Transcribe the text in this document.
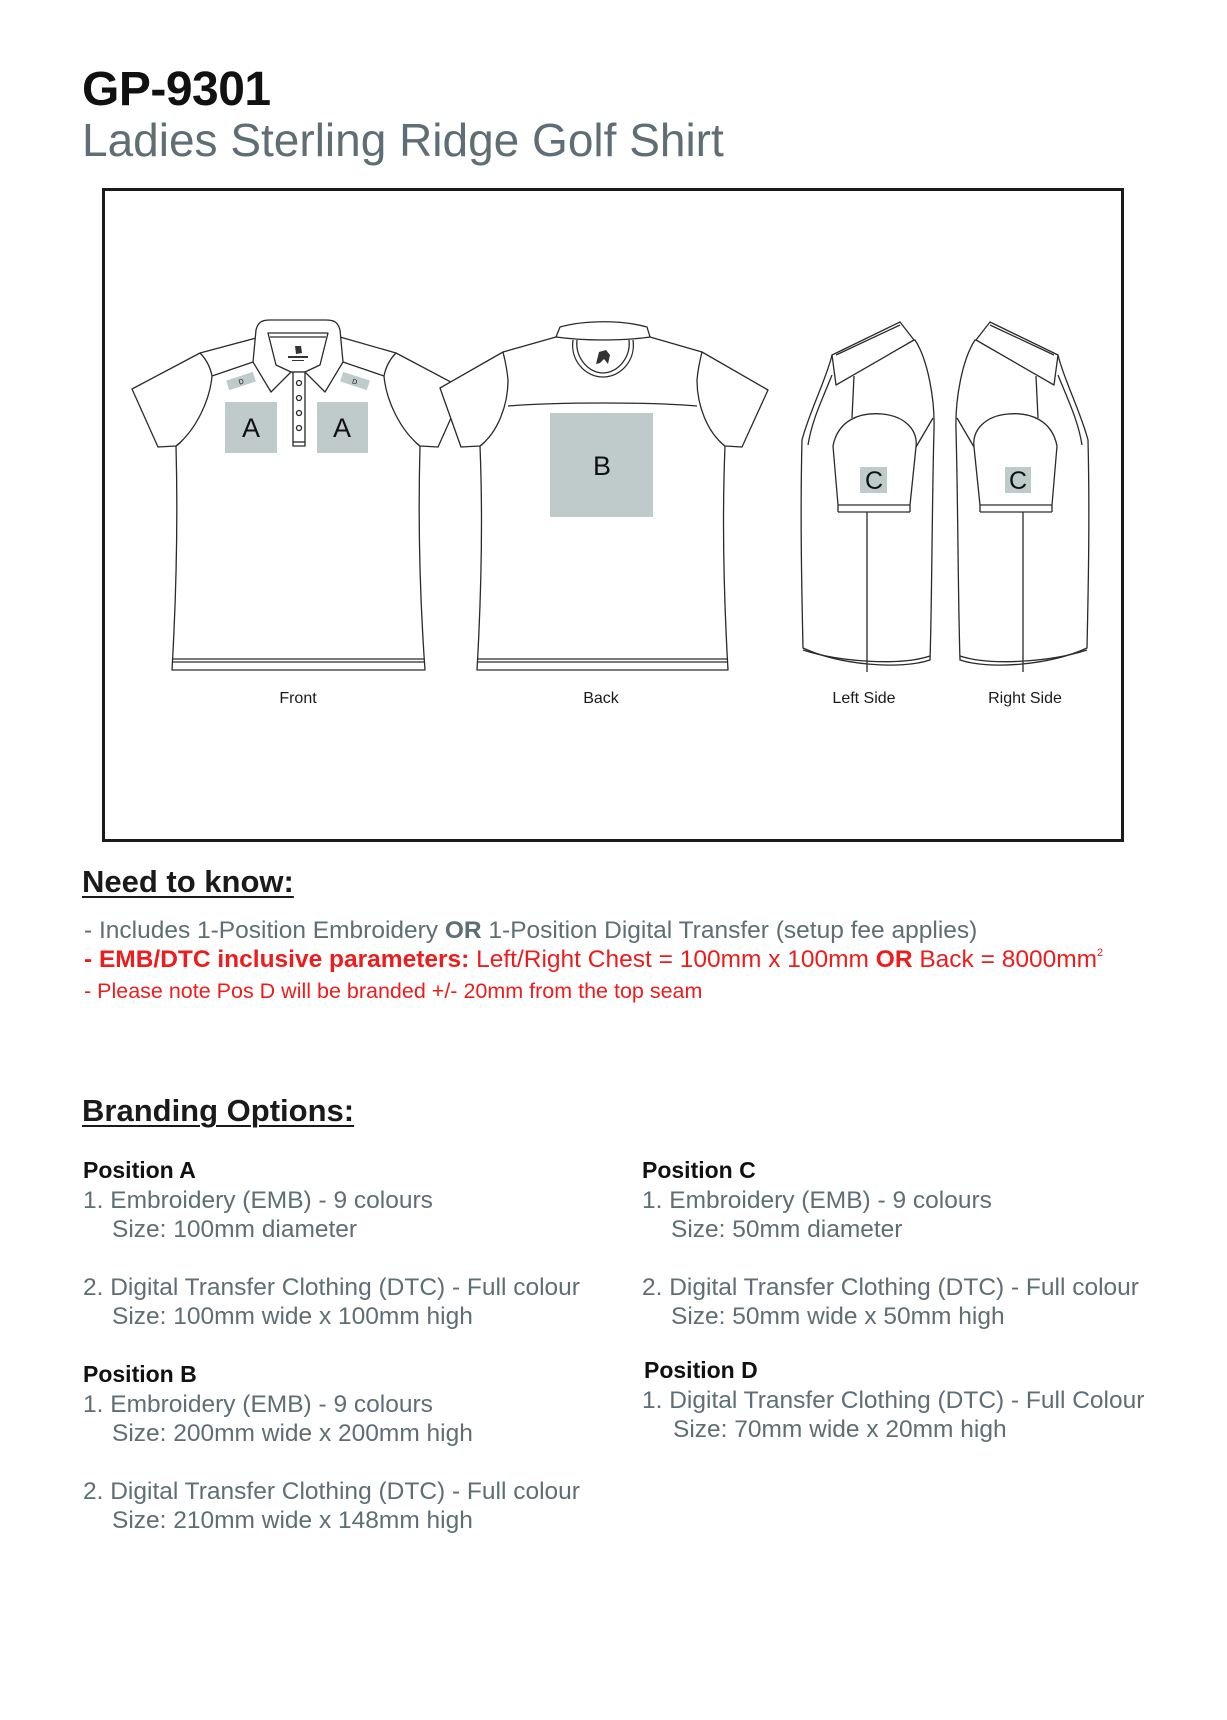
GP-9301
Ladies Sterling Ridge Golf Shirt
A	A
B	C	C
D	D
Front	Back	Left Side	Right Side
Need to know:
- Includes 1-Position Embroidery OR 1-Position Digital Transfer (setup fee applies)
- EMB/DTC inclusive parameters: Left/Right Chest = 100mm x 100mm OR Back = $8000mm^2$
- Please note Pos D will be branded +/- 20mm from the top seam
Branding Options:
Position A
1. Embroidery (EMB) - 9 colours
Size: 100mm diameter
2. Digital Transfer Clothing (DTC) - Full colour
Size: 100mm wide x 100mm high
Position B
1. Embroidery (EMB) - 9 colours
Size: 200mm wide x 200mm high
2. Digital Transfer Clothing (DTC) - Full colour
Size: 210mm wide x 148mm high
Position C
1. Embroidery (EMB) - 9 colours
Size: 50mm diameter
2. Digital Transfer Clothing (DTC) - Full colour
Size: 50mm wide x 50mm high
Position D
1. Digital Transfer Clothing (DTC) - Full Colour
Size: 70mm wide x 20mm high
